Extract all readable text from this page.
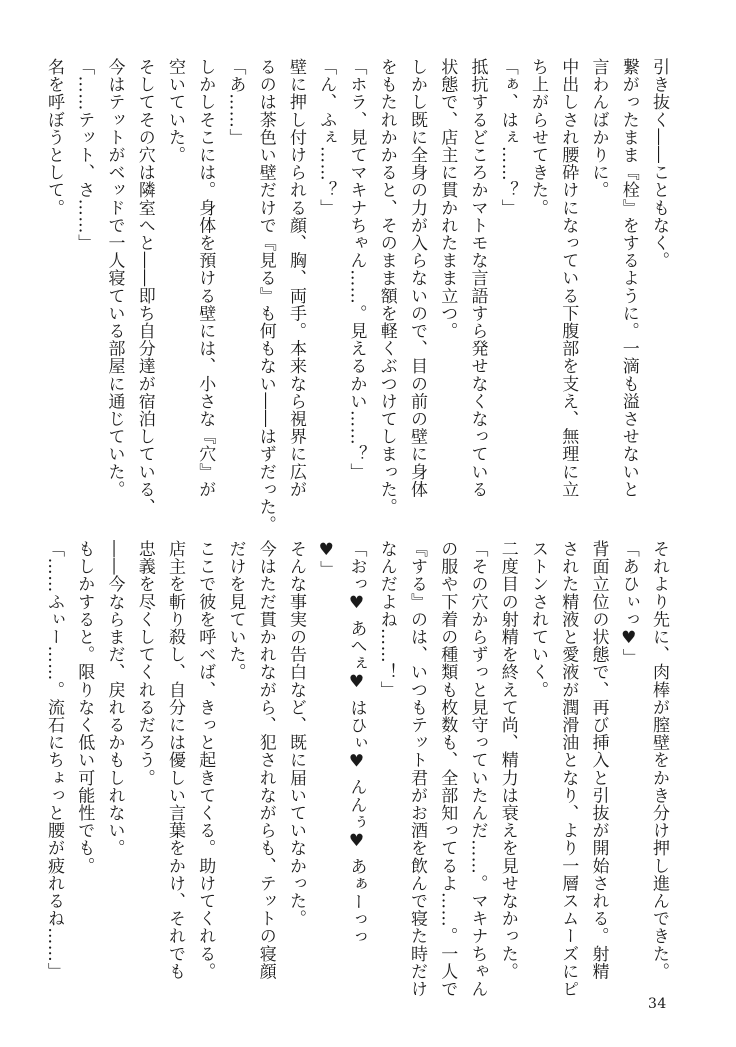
引き抜く――こともなく。

繋がったまま『栓』をするように。一滴も溢させないと

言わんばかりに。

中出しされ腰砕けになっている下腹部を支え、無理に立

ち上がらせてきた。

「ぁ、はぇ……？」

抵抗するどころかマトモな言語すら発せなくなっている

状態で、店主に貫かれたまま立つ。

しかし既に全身の力が入らないので、目の前の壁に身体

をもたれかかると、そのまま額を軽くぶつけてしまった。

「ホラ、見てマキナちゃん……。見えるかい……？」

「ん、ふぇ……？」

壁に押し付けられる顔、胸、両手。本来なら視界に広が

るのは茶色い壁だけで『見る』も何もない――はずだった。

「あ……」

しかしそこには。身体を預ける壁には、小さな『穴』が

空いていた。

そしてその穴は隣室へと――即ち自分達が宿泊している、

今はテットがベッドで一人寝ている部屋に通じていた。

「……テット、さ……」

名を呼ぼうとして。

それより先に、肉棒が膣壁をかき分け押し進んできた。

「あひぃっ♥」

背面立位の状態で、再び挿入と引抜が開始される。射精

された精液と愛液が潤滑油となり、より一層スムーズにピ

ストンされていく。

二度目の射精を終えて尚、精力は衰えを見せなかった。

「その穴からずっと見守っていたんだ……。マキナちゃん

の服や下着の種類も枚数も、全部知ってるよ……。一人で

『する』のは、いつもテット君がお酒を飲んで寝た時だけ

なんだよね……！」

「おっ♥ あへぇ♥ はひぃ♥ んんぅ♥ あぁーっっ

♥」

そんな事実の告白など、既に届いていなかった。

今はただ貫かれながら、犯されながらも、テットの寝顔

だけを見ていた。

ここで彼を呼べば、きっと起きてくる。助けてくれる。

店主を斬り殺し、自分には優しい言葉をかけ、それでも

忠義を尽くしてくれるだろう。

――今ならまだ、戻れるかもしれない。

もしかすると。限りなく低い可能性でも。

「……ふぃー……。流石にちょっと腰が疲れるね……」

34
